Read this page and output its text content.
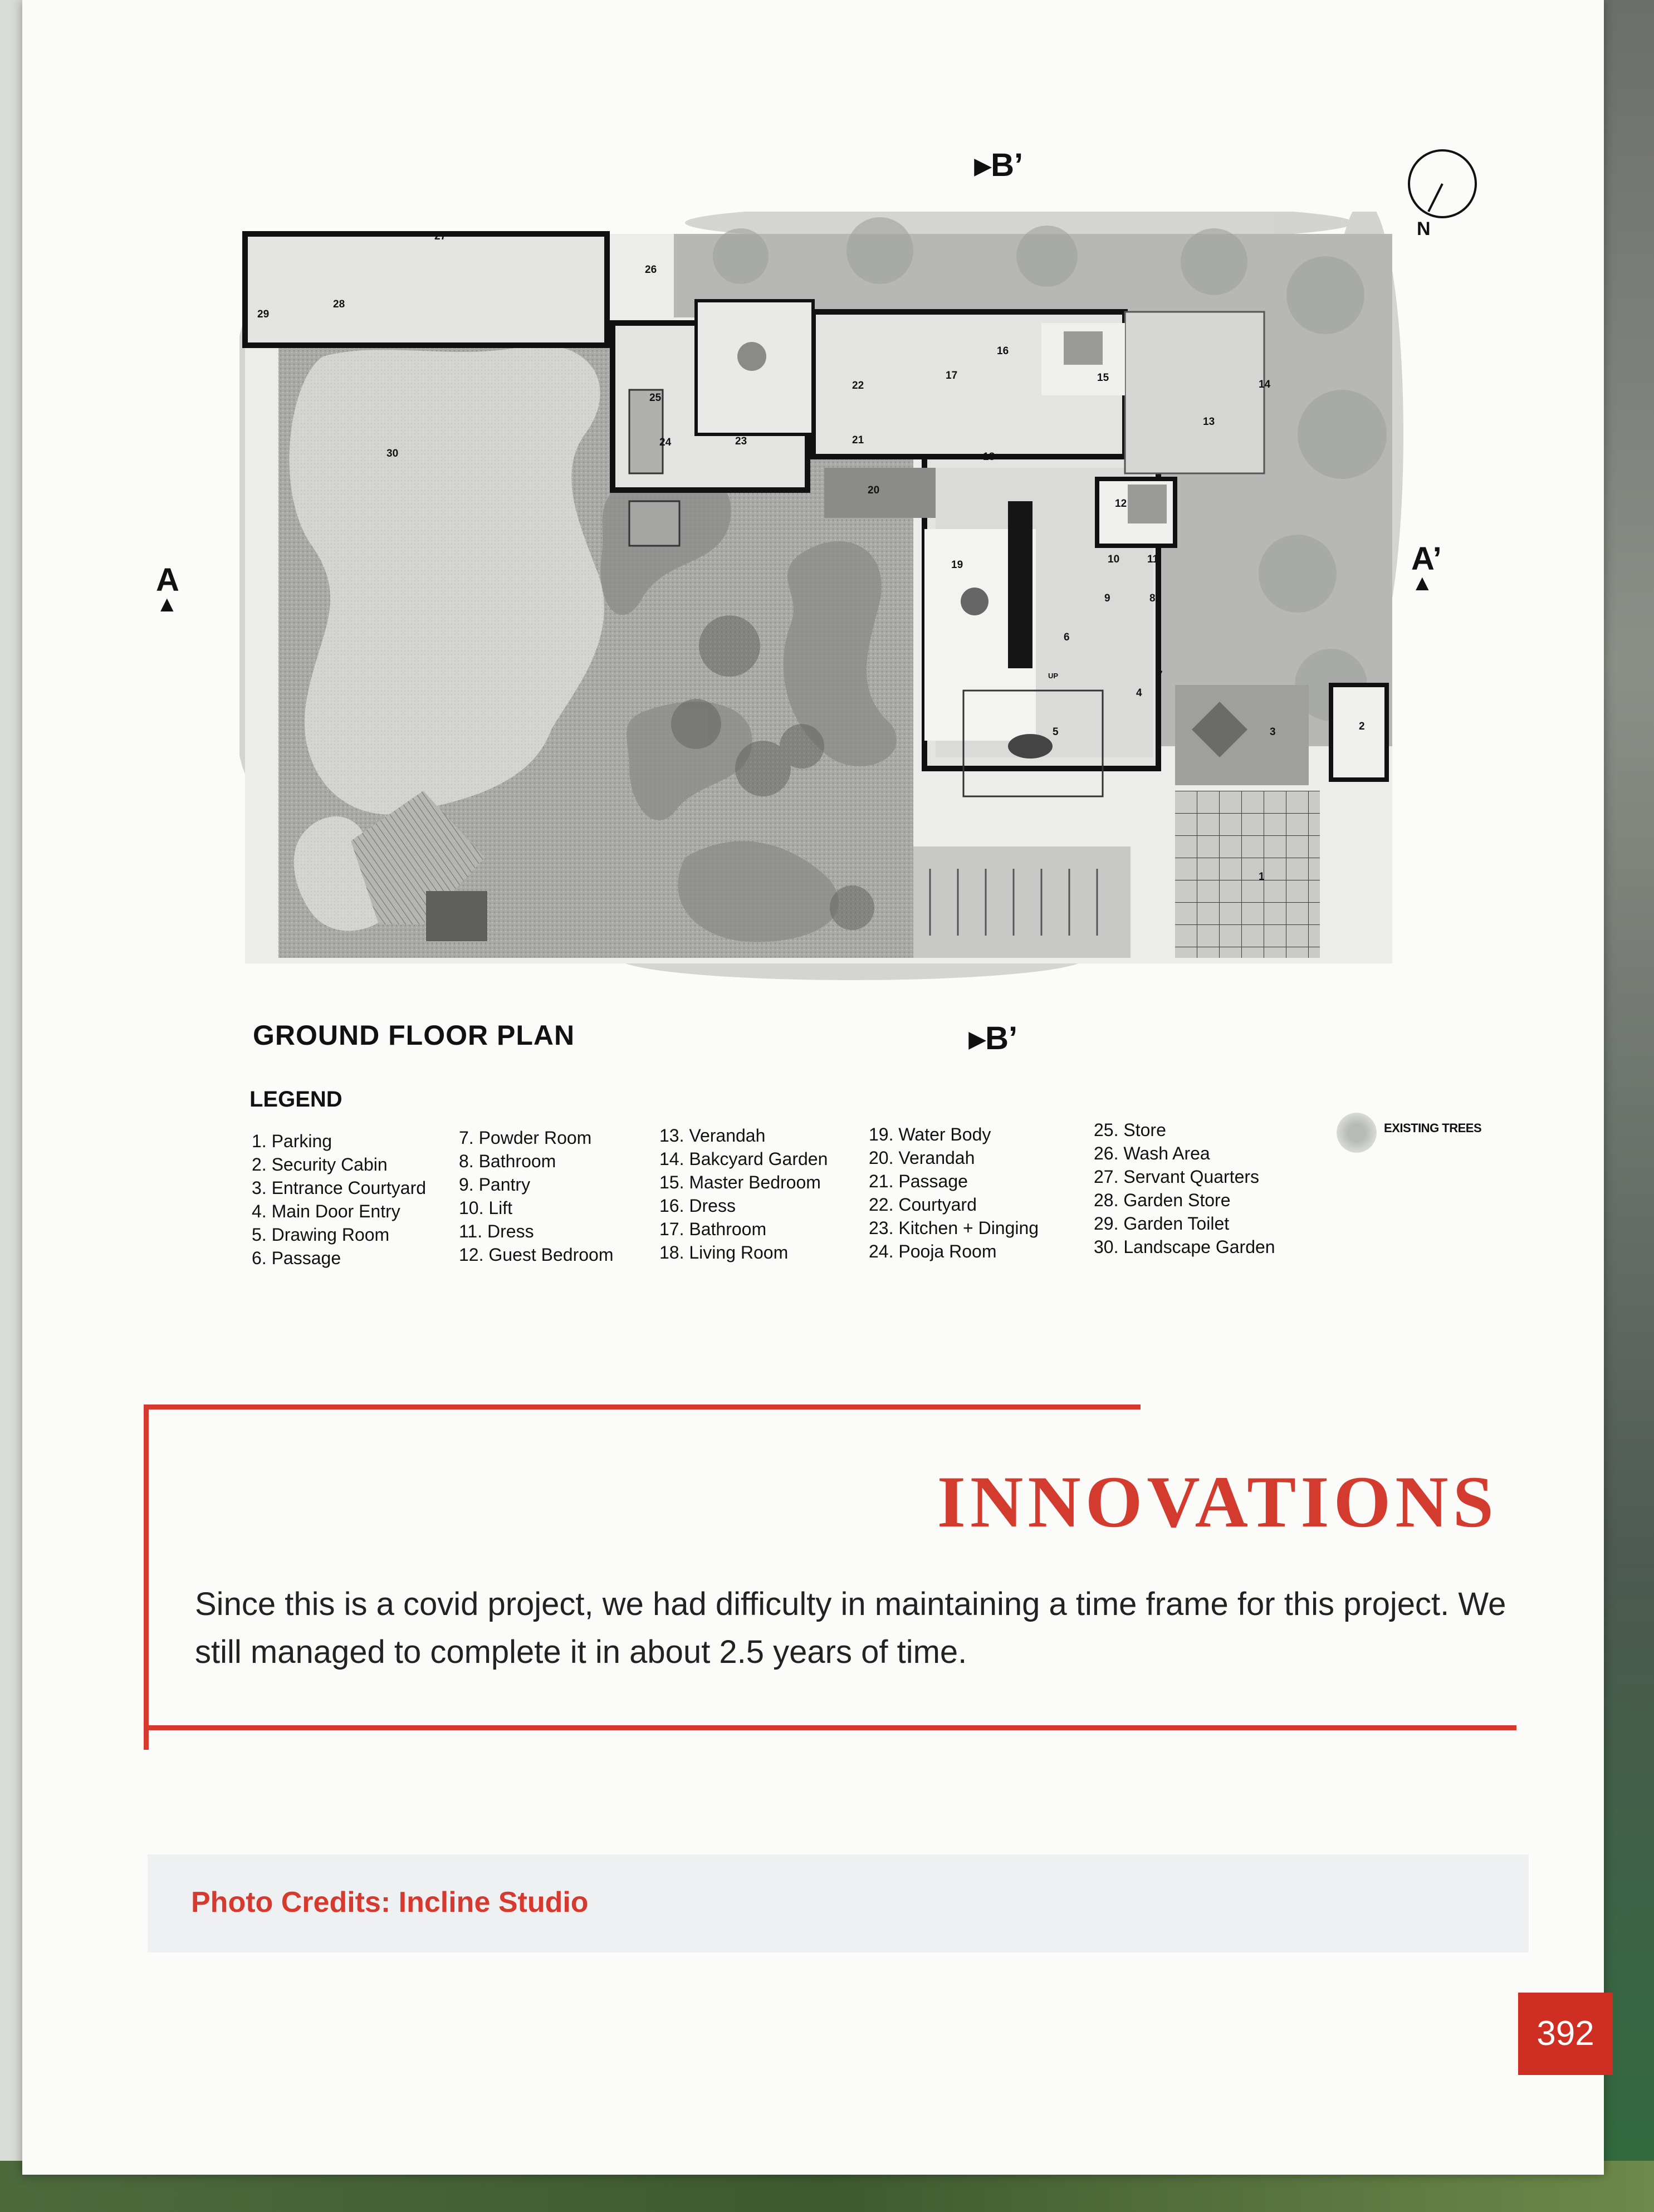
▸B’
▸B’
A
▲
A’
▲
1
2
3
4
5
6
7
8
9
10	11
12
13
14
15
16
17
18
19
20
21
22
23
24
25
26
27
28
29
30
UP
N
GROUND FLOOR PLAN
LEGEND
1. Parking
2. Security Cabin
3. Entrance Courtyard
4. Main Door Entry
5. Drawing Room
6. Passage
7. Powder Room
8. Bathroom
9. Pantry
10. Lift
11. Dress
12. Guest Bedroom
13. Verandah
14. Bakcyard Garden
15. Master Bedroom
16. Dress
17. Bathroom
18. Living Room
19. Water Body
20. Verandah
21. Passage
22. Courtyard
23. Kitchen + Dinging
24. Pooja Room
25. Store
26. Wash Area
27. Servant Quarters
28. Garden Store
29. Garden Toilet
30. Landscape Garden
EXISTING TREES
INNOVATIONS
Since this is a covid project, we had difficulty in maintaining a time frame for this project. We still managed to complete it in about 2.5 years of time.
Photo Credits: Incline Studio
392
